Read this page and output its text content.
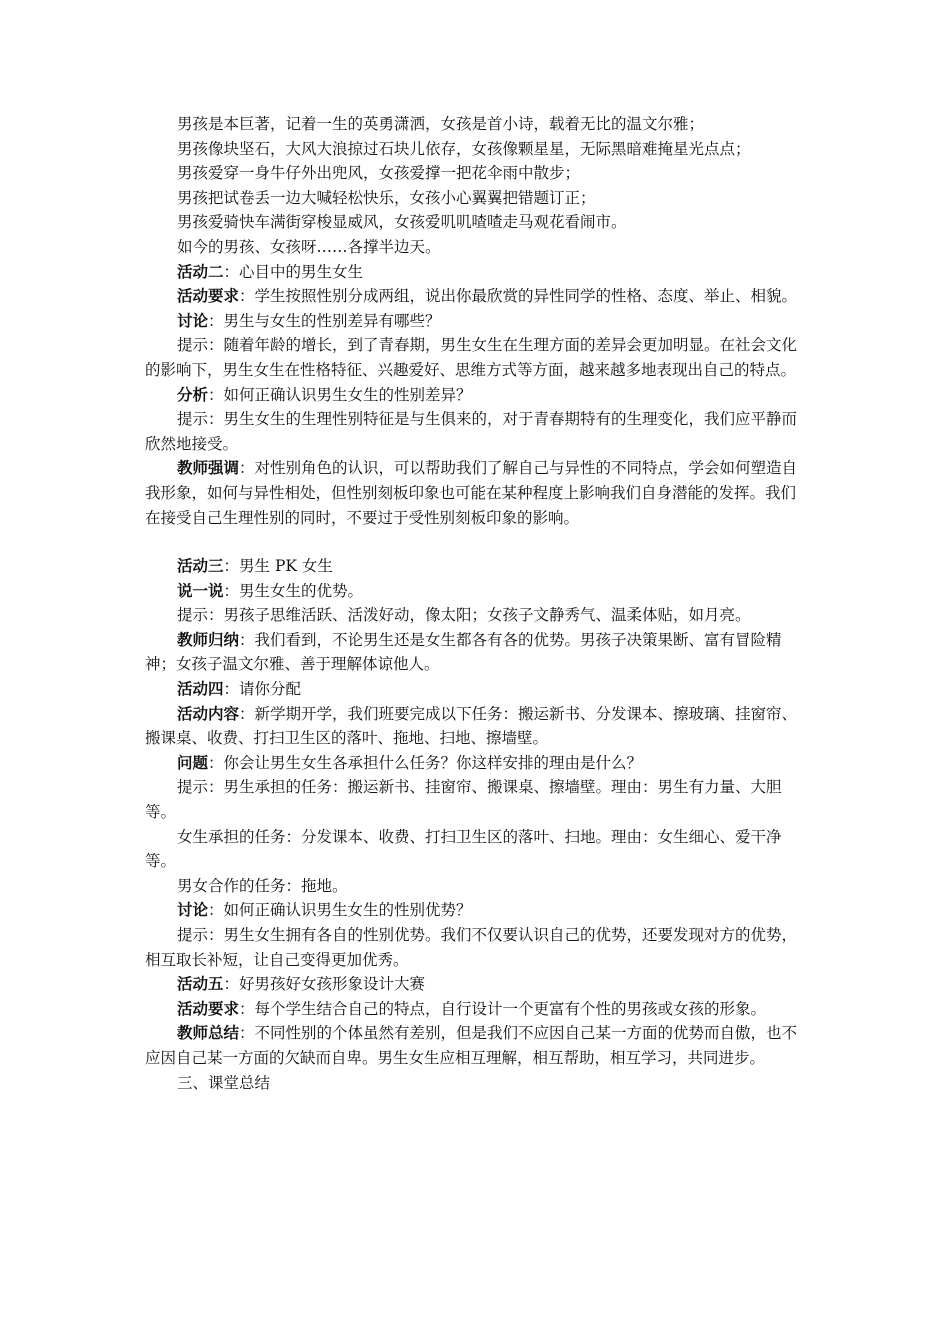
男孩是本巨著，记着一生的英勇潇洒，女孩是首小诗，载着无比的温文尔雅；

男孩像块坚石，大风大浪掠过石块儿依存，女孩像颗星星，无际黑暗难掩星光点点；

男孩爱穿一身牛仔外出兜风，女孩爱撑一把花伞雨中散步；

男孩把试卷丢一边大喊轻松快乐，女孩小心翼翼把错题订正；

男孩爱骑快车满街穿梭显威风，女孩爱叽叽喳喳走马观花看闹市。

如今的男孩、女孩呀……各撑半边天。

活动二：心目中的男生女生

活动要求：学生按照性别分成两组，说出你最欣赏的异性同学的性格、态度、举止、相貌。

讨论：男生与女生的性别差异有哪些？

提示：随着年龄的增长，到了青春期，男生女生在生理方面的差异会更加明显。在社会文化的影响下，男生女生在性格特征、兴趣爱好、思维方式等方面，越来越多地表现出自己的特点。

分析：如何正确认识男生女生的性别差异？

提示：男生女生的生理性别特征是与生俱来的，对于青春期特有的生理变化，我们应平静而欣然地接受。

教师强调：对性别角色的认识，可以帮助我们了解自己与异性的不同特点，学会如何塑造自我形象，如何与异性相处，但性别刻板印象也可能在某种程度上影响我们自身潜能的发挥。我们在接受自己生理性别的同时，不要过于受性别刻板印象的影响。

活动三：男生 PK 女生

说一说：男生女生的优势。

提示：男孩子思维活跃、活泼好动，像太阳；女孩子文静秀气、温柔体贴，如月亮。

教师归纳：我们看到，不论男生还是女生都各有各的优势。男孩子决策果断、富有冒险精神；女孩子温文尔雅、善于理解体谅他人。

活动四：请你分配

活动内容：新学期开学，我们班要完成以下任务：搬运新书、分发课本、擦玻璃、挂窗帘、搬课桌、收费、打扫卫生区的落叶、拖地、扫地、擦墙壁。

问题：你会让男生女生各承担什么任务？你这样安排的理由是什么？

提示：男生承担的任务：搬运新书、挂窗帘、搬课桌、擦墙壁。理由：男生有力量、大胆等。

女生承担的任务：分发课本、收费、打扫卫生区的落叶、扫地。理由：女生细心、爱干净等。

男女合作的任务：拖地。

讨论：如何正确认识男生女生的性别优势？

提示：男生女生拥有各自的性别优势。我们不仅要认识自己的优势，还要发现对方的优势，相互取长补短，让自己变得更加优秀。

活动五：好男孩好女孩形象设计大赛

活动要求：每个学生结合自己的特点，自行设计一个更富有个性的男孩或女孩的形象。

教师总结：不同性别的个体虽然有差别，但是我们不应因自己某一方面的优势而自傲，也不应因自己某一方面的欠缺而自卑。男生女生应相互理解，相互帮助，相互学习，共同进步。

三、课堂总结
